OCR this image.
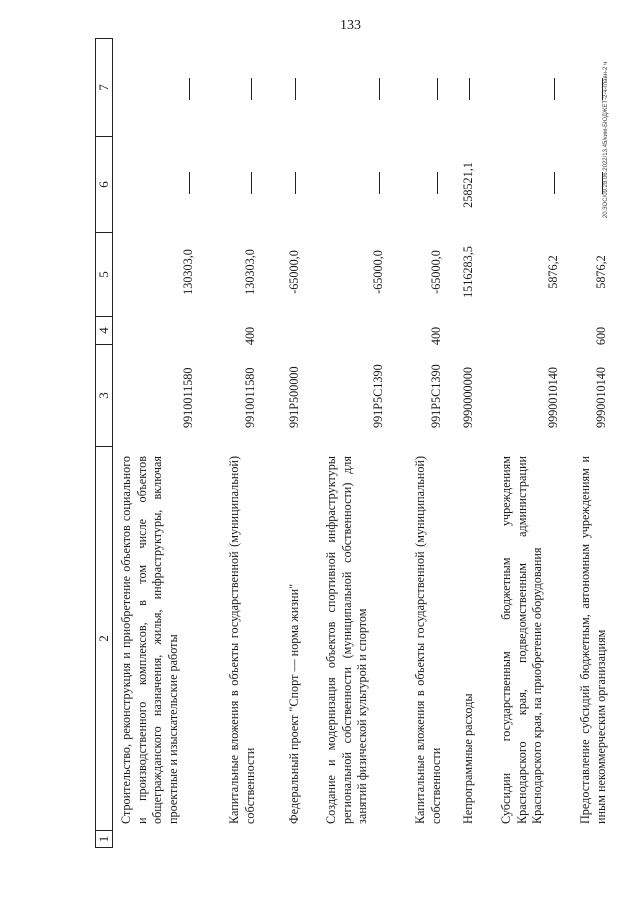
133
20.3ОС/09.28.06.2022/13.45/ким-БЮДЖЕТ-2-ч-главн-2 ч
1
2
3
4
5
6
7
Строительство, реконструкция и приобретение объектов социального и производственного комплексов, в том числе объектов общегражданского назначения, жилья, инфраструктуры, включая проектные и изыскательские работы
9910011580
130303,0
Капитальные вложения в объекты государственной (муниципальной) собственности
9910011580
400
130303,0
Федеральный проект "Спорт — норма жизни"
991P500000
-65000,0
Создание и модернизация объектов спортивной инфраструктуры региональной собственности (муниципальной собственности) для занятий физической культурой и спортом
991P5С1390
-65000,0
Капитальные вложения в объекты государственной (муниципальной) собственности
991P5С1390
400
-65000,0
Непрограммные расходы
9990000000
1516283,5
258521,1
Субсидии государственным бюджетным учреждениям Краснодарского края, подведомственным администрации Краснодарского края, на приобретение оборудования
9990010140
5876,2
Предоставление субсидий бюджетным, автономным учреждениям и иным некоммерческим организациям
9990010140
600
5876,2
